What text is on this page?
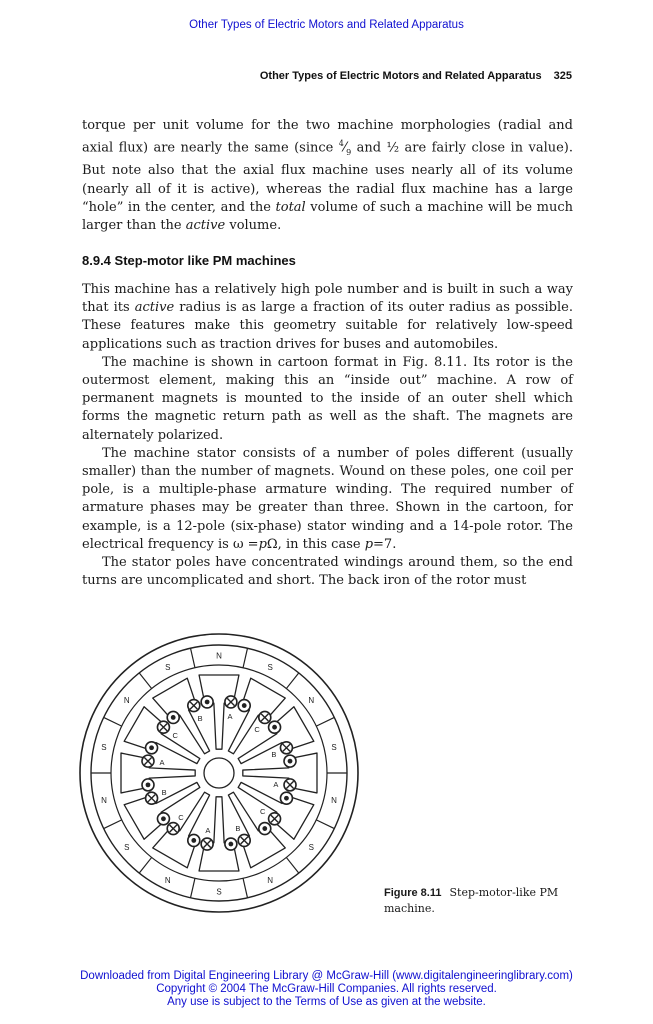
Other Types of Electric Motors and Related Apparatus
Other Types of Electric Motors and Related Apparatus 325

torque per unit volume for the two machine morphologies (radial and axial flux) are nearly the same (since $^4⁄_9$ and ½ are fairly close in value). But note also that the axial flux machine uses nearly all of its volume (nearly all of it is active), whereas the radial flux machine has a large “hole” in the center, and the total volume of such a machine will be much larger than the active volume.

8.9.4 Step-motor like PM machines

This machine has a relatively high pole number and is built in such a way that its active radius is as large a fraction of its outer radius as possible. These features make this geometry suitable for relatively low-speed applications such as traction drives for buses and automobiles.

The machine is shown in cartoon format in Fig. 8.11. Its rotor is the outermost element, making this an “inside out” machine. A row of permanent magnets is mounted to the inside of an outer shell which forms the magnetic return path as well as the shaft. The magnets are alternately polarized.

The machine stator consists of a number of poles different (usually smaller) than the number of magnets. Wound on these poles, one coil per pole, is a multiple-phase armature winding. The required number of armature phases may be greater than three. Shown in the cartoon, for example, is a 12-pole (six-phase) stator winding and a 14-pole rotor. The electrical frequency is ω =pΩ, in this case p=7.

The stator poles have concentrated windings around them, so the end turns are uncomplicated and short. The back iron of the rotor must

N
S
N
S
N
S
N
S
N
S
N
S
N
S
A
C
B
A
C
B
A
C
B
A
C
B
Figure 8.11 Step-motor-like PM machine.
Downloaded from Digital Engineering Library @ McGraw-Hill (www.digitalengineeringlibrary.com)
Copyright © 2004 The McGraw-Hill Companies. All rights reserved.
Any use is subject to the Terms of Use as given at the website.
